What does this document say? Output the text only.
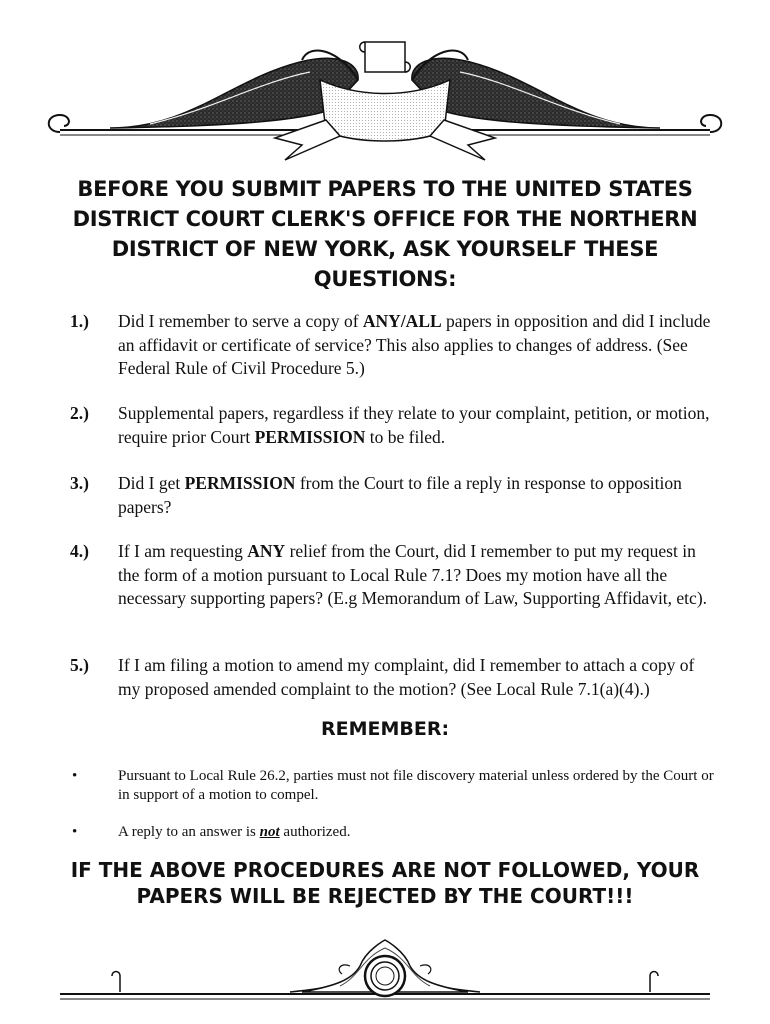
BEFORE YOU SUBMIT PAPERS TO THE UNITED STATES DISTRICT COURT CLERK'S OFFICE FOR THE NORTHERN DISTRICT OF NEW YORK, ASK YOURSELF THESE QUESTIONS:
1.) Did I remember to serve a copy of ANY/ALL papers in opposition and did I include an affidavit or certificate of service? This also applies to changes of address. (See Federal Rule of Civil Procedure 5.)
2.) Supplemental papers, regardless if they relate to your complaint, petition, or motion, require prior Court PERMISSION to be filed.
3.) Did I get PERMISSION from the Court to file a reply in response to opposition papers?
4.) If I am requesting ANY relief from the Court, did I remember to put my request in the form of a motion pursuant to Local Rule 7.1? Does my motion have all the necessary supporting papers? (E.g Memorandum of Law, Supporting Affidavit, etc).
5.) If I am filing a motion to amend my complaint, did I remember to attach a copy of my proposed amended complaint to the motion? (See Local Rule 7.1(a)(4).)
REMEMBER:
•	Pursuant to Local Rule 26.2, parties must not file discovery material unless ordered by the Court or in support of a motion to compel.
•	A reply to an answer is not authorized.
IF THE ABOVE PROCEDURES ARE NOT FOLLOWED, YOUR PAPERS WILL BE REJECTED BY THE COURT!!!
